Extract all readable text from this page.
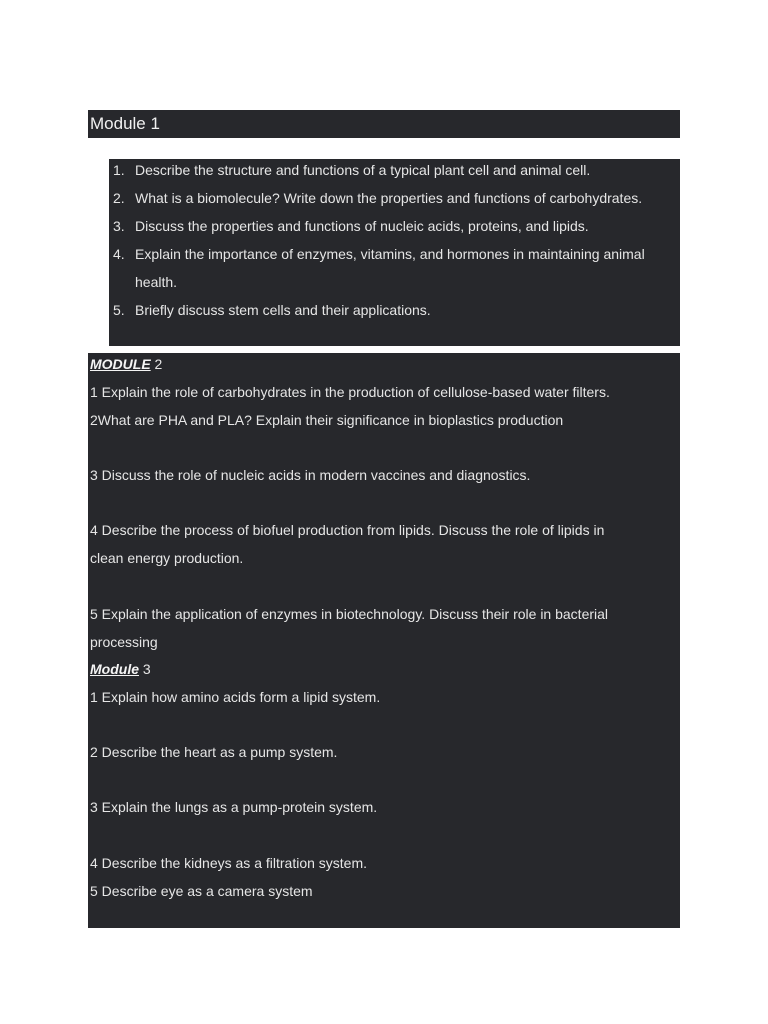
Module 1
1. Describe the structure and functions of a typical plant cell and animal cell.
2. What is a biomolecule? Write down the properties and functions of carbohydrates.
3. Discuss the properties and functions of nucleic acids, proteins, and lipids.
4. Explain the importance of enzymes, vitamins, and hormones in maintaining animal health.
5. Briefly discuss stem cells and their applications.
MODULE 2
1 Explain the role of carbohydrates in the production of cellulose-based water filters.
2What are PHA and PLA? Explain their significance in bioplastics production
3 Discuss the role of nucleic acids in modern vaccines and diagnostics.
4 Describe the process of biofuel production from lipids. Discuss the role of lipids in
clean energy production.
5 Explain the application of enzymes in biotechnology. Discuss their role in bacterial
processing
Module 3
1 Explain how amino acids form a lipid system.
2 Describe the heart as a pump system.
3 Explain the lungs as a pump-protein system.
4 Describe the kidneys as a filtration system.
5 Describe eye as a camera system
